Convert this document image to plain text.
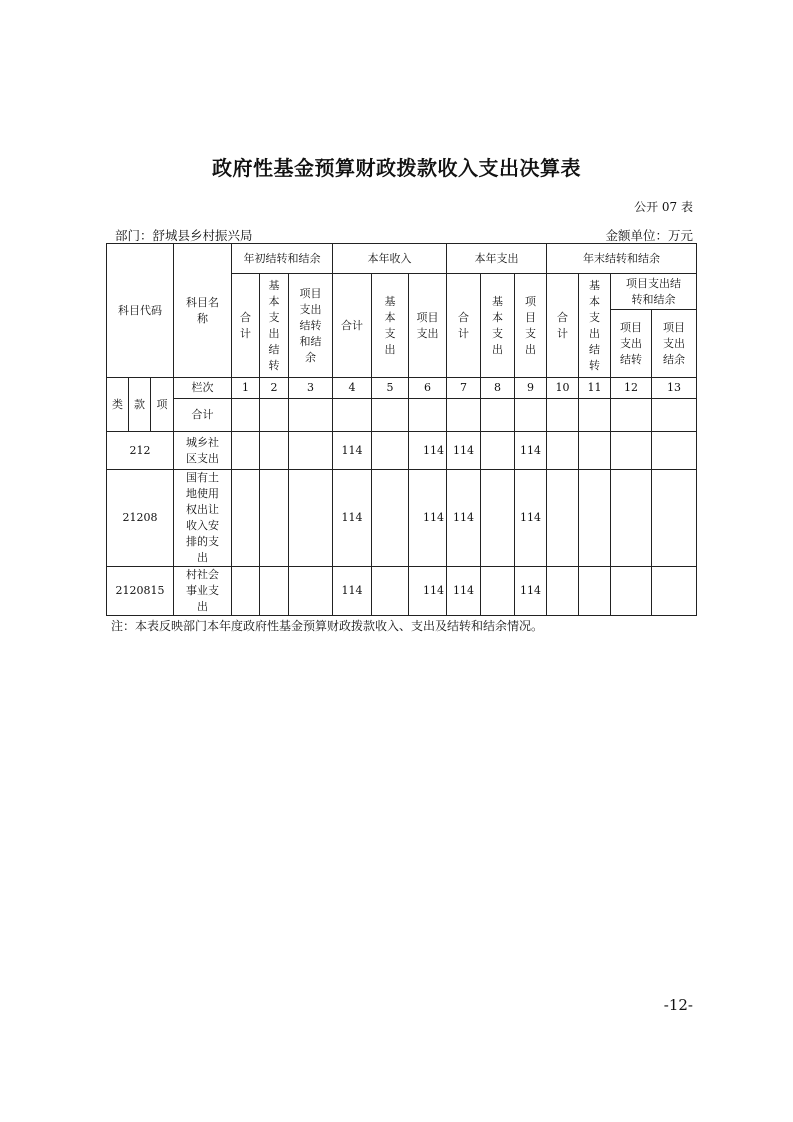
政府性基金预算财政拨款收入支出决算表
公开 07 表
部门：舒城县乡村振兴局	金额单位：万元
科目代码			科目名称	年初结转和结余			本年收入			本年支出			年末结转和结余			
				合计	基本支出结转	项目支出结转和结余	合计	基本支出	项目支出	合计	基本支出	项目支出	合计	基本支出结转	项目支出结转和结余	
															项目支出结转	项目支出结余
类	款	项	栏次	1	2	3	4	5	6	7	8	9	10	11	12	13
			合计													
212			城乡社区支出				114		114	114		114				
21208			国有土地使用权出让收入安排的支出				114		114	114		114				
2120815			村社会事业支出				114		114	114		114				
注：本表反映部门本年度政府性基金预算财政拨款收入、支出及结转和结余情况。
-12-
